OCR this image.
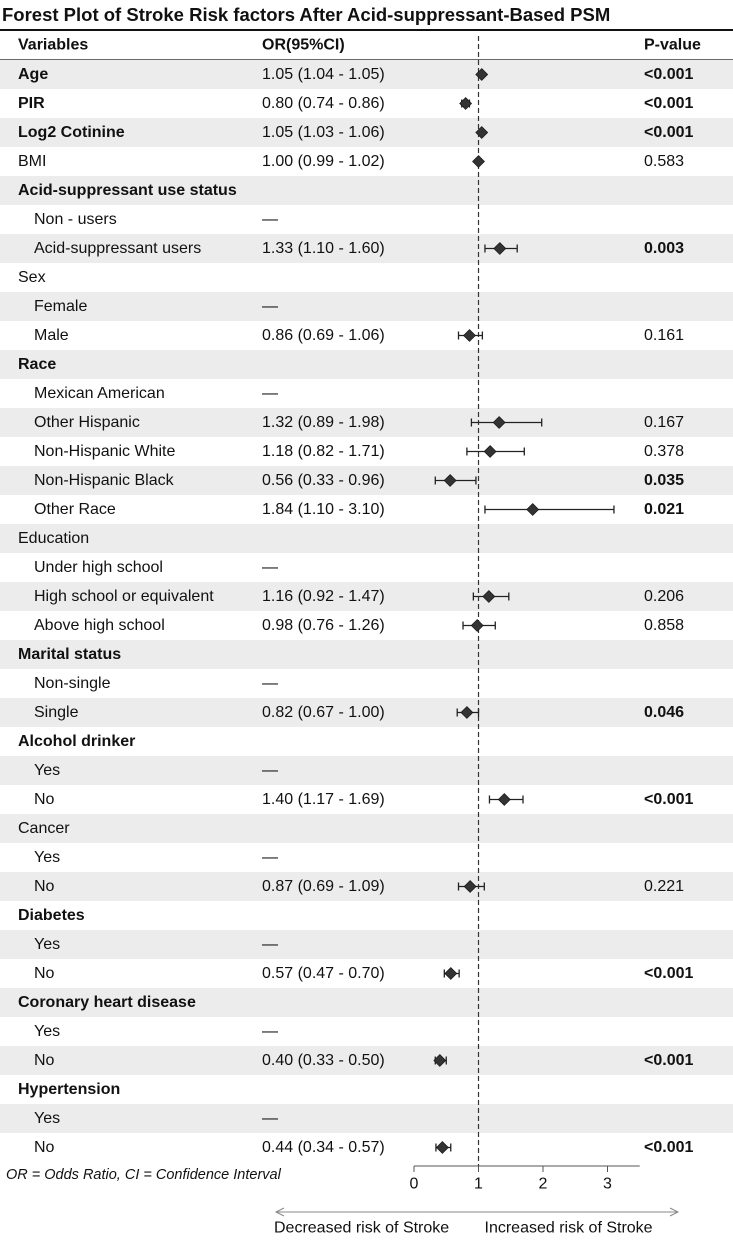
Forest Plot of Stroke Risk factors After Acid-suppressant-Based PSM
Variables	OR(95%CI)	P-value
Age	1.05 (1.04 - 1.05)	<0.001
PIR	0.80 (0.74 - 0.86)	<0.001
Log2 Cotinine	1.05 (1.03 - 1.06)	<0.001
BMI	1.00 (0.99 - 1.02)	0.583
Acid-suppressant use status
Non - users	—
Acid-suppressant users	1.33 (1.10 - 1.60)	0.003
Sex
Female	—
Male	0.86 (0.69 - 1.06)	0.161
Race
Mexican American	—
Other Hispanic	1.32 (0.89 - 1.98)	0.167
Non-Hispanic White	1.18 (0.82 - 1.71)	0.378
Non-Hispanic Black	0.56 (0.33 - 0.96)	0.035
Other Race	1.84 (1.10 - 3.10)	0.021
Education
Under high school	—
High school or equivalent	1.16 (0.92 - 1.47)	0.206
Above high school	0.98 (0.76 - 1.26)	0.858
Marital status
Non-single	—
Single	0.82 (0.67 - 1.00)	0.046
Alcohol drinker
Yes	—
No	1.40 (1.17 - 1.69)	<0.001
Cancer
Yes	—
No	0.87 (0.69 - 1.09)	0.221
Diabetes
Yes	—
No	0.57 (0.47 - 0.70)	<0.001
Coronary heart disease
Yes	—
No	0.40 (0.33 - 0.50)	<0.001
Hypertension
Yes	—
No	0.44 (0.34 - 0.57)	<0.001
0	1	2	3
OR = Odds Ratio, CI = Confidence Interval
Decreased risk of Stroke Increased risk of Stroke
